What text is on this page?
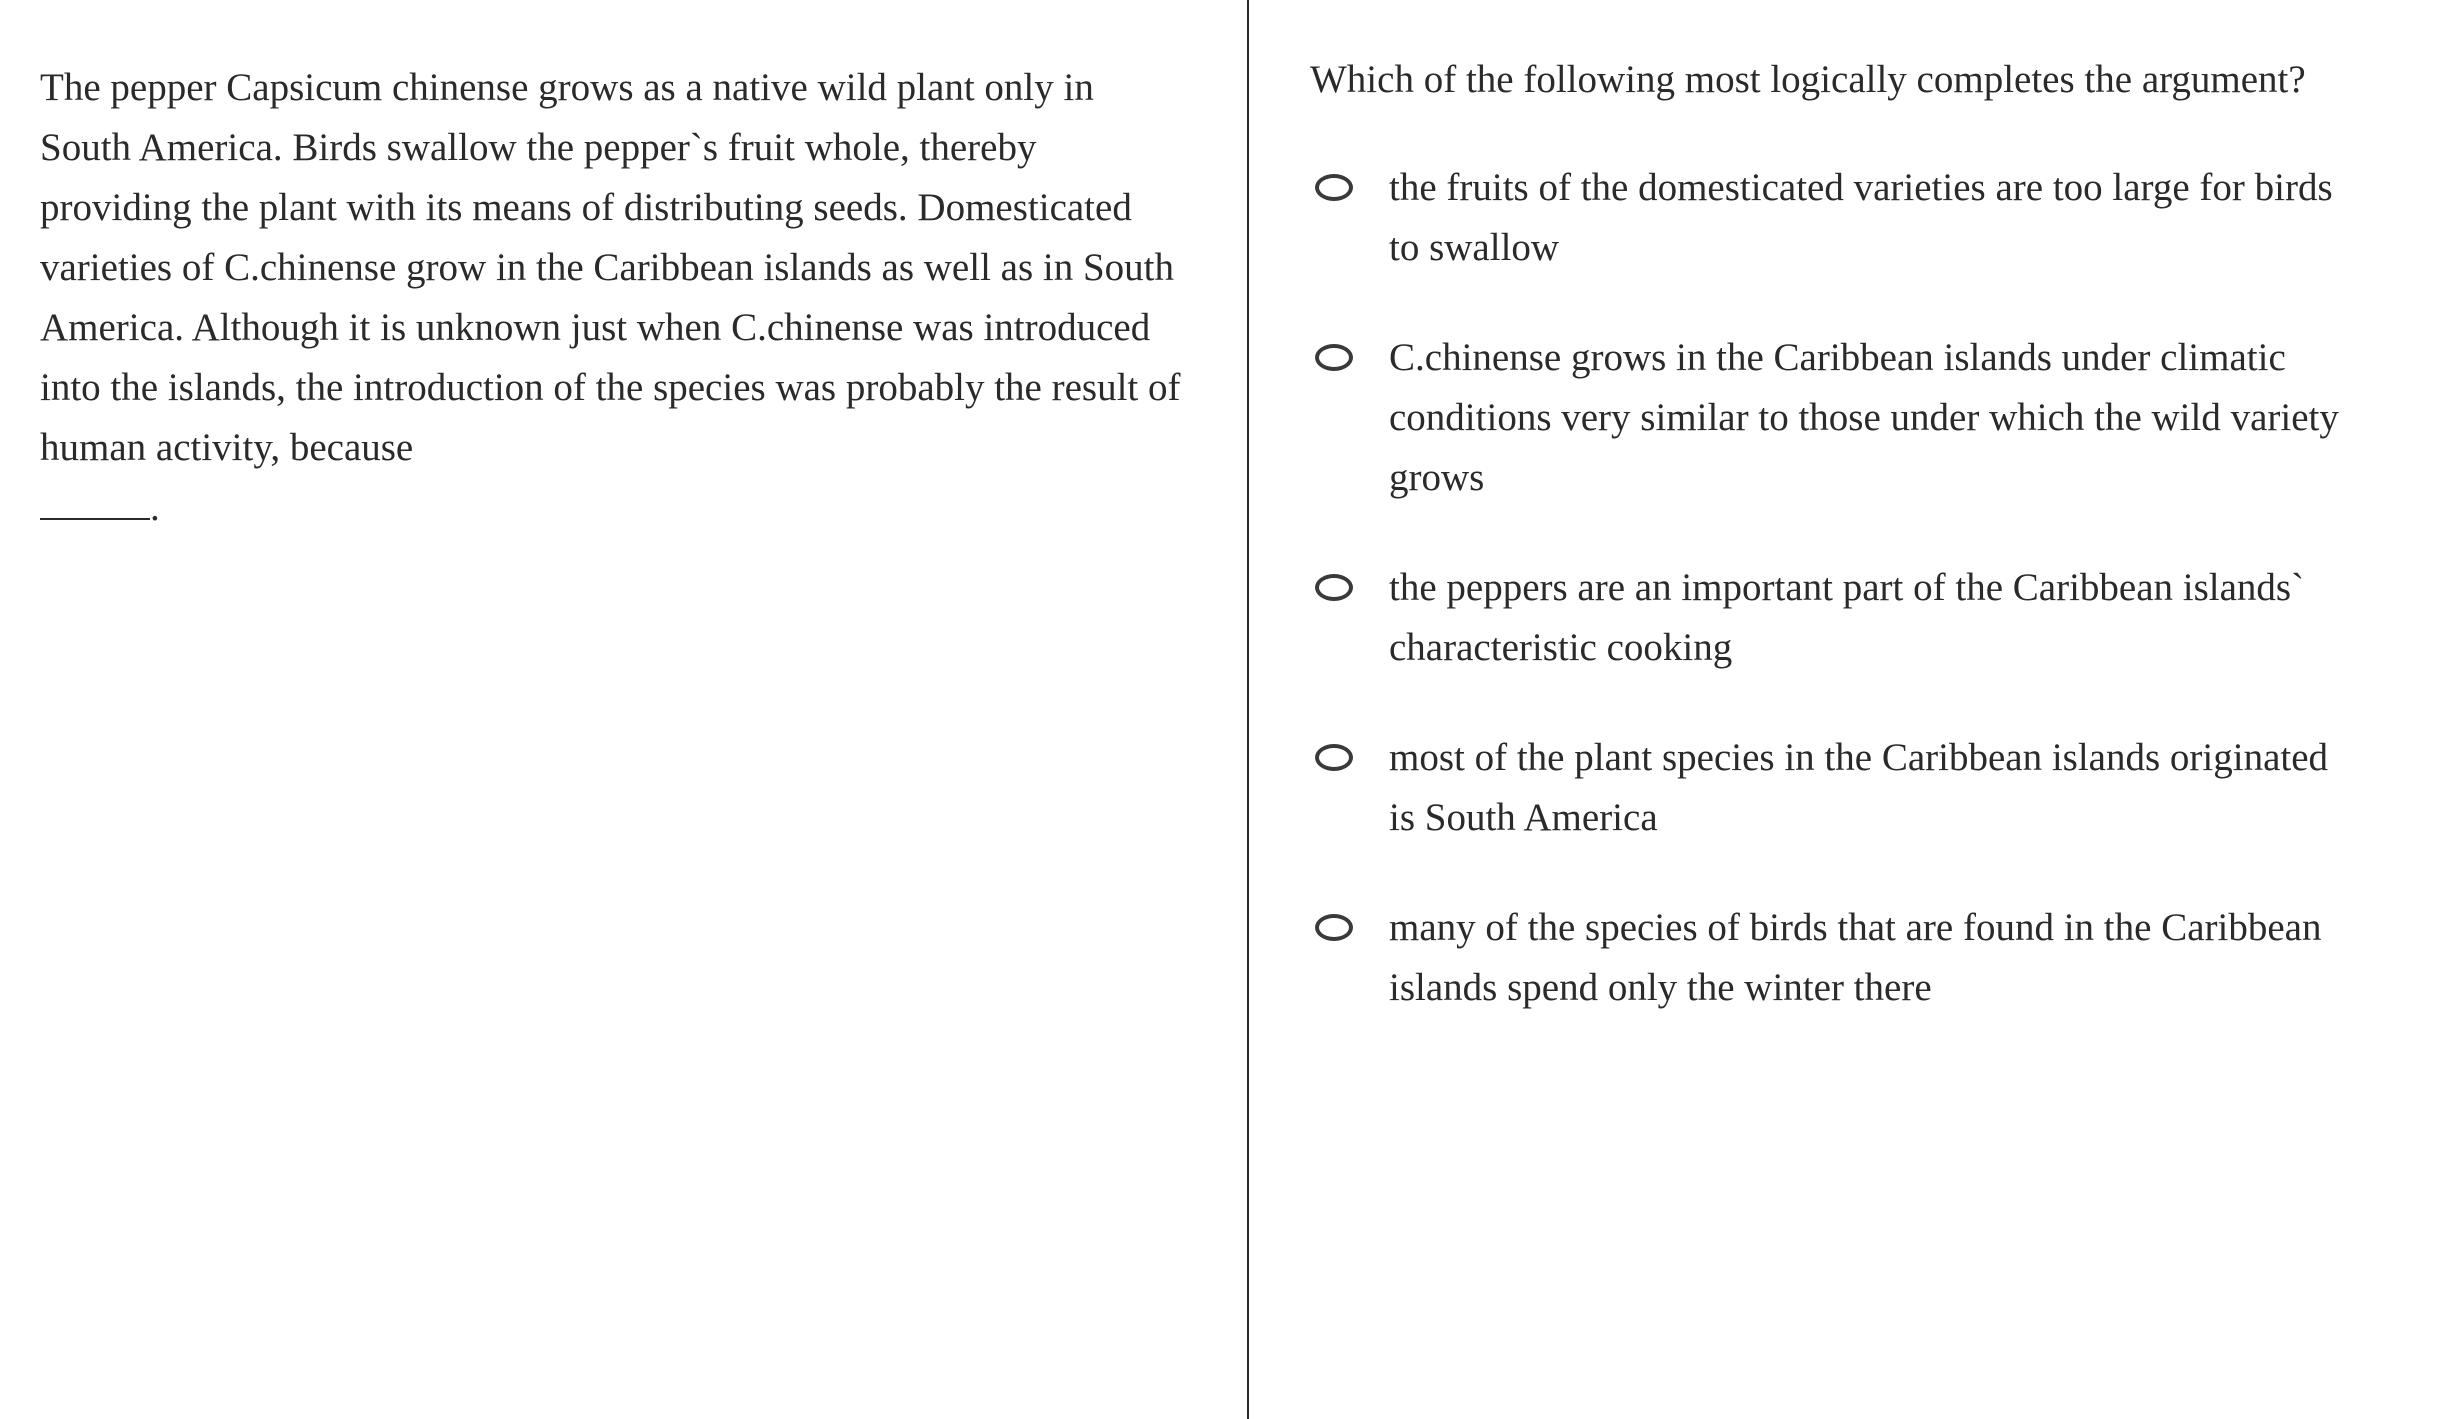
The pepper Capsicum chinense grows as a native wild plant only in South America. Birds swallow the pepper`s fruit whole, thereby providing the plant with its means of distributing seeds. Domesticated varieties of C.chinense grow in the Caribbean islands as well as in South America. Although it is unknown just when C.chinense was introduced into the islands, the introduction of the species was probably the result of human activity, because
.

Which of the following most logically completes the argument?

the fruits of the domesticated varieties are too large for birds to swallow
C.chinense grows in the Caribbean islands under climatic conditions very similar to those under which the wild variety grows
the peppers are an important part of the Caribbean islands` characteristic cooking
most of the plant species in the Caribbean islands originated is South America
many of the species of birds that are found in the Caribbean islands spend only the winter there
